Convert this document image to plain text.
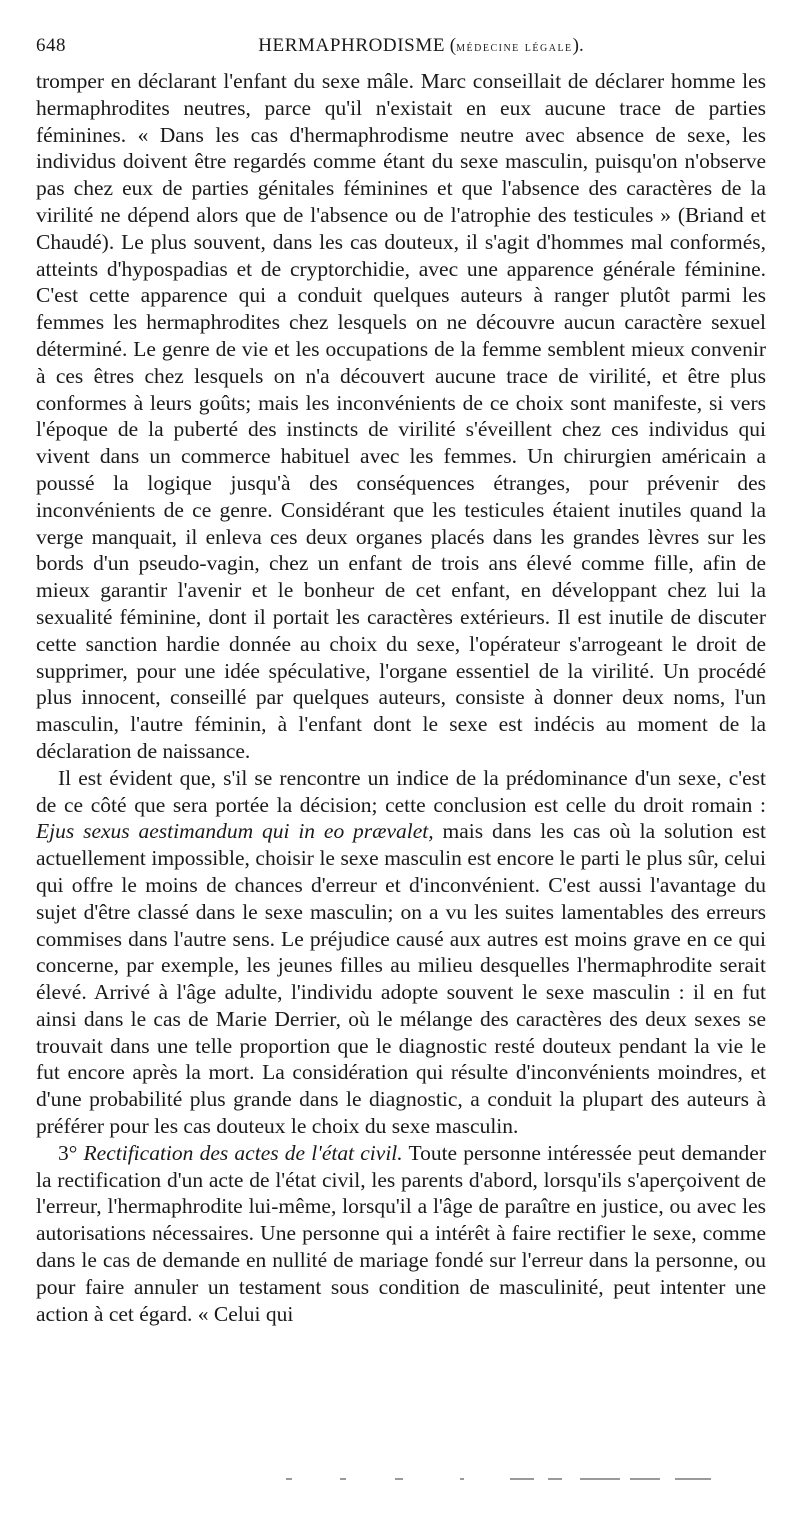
648	HERMAPHRODISME (médecine légale).

tromper en déclarant l'enfant du sexe mâle. Marc conseillait de déclarer homme les hermaphrodites neutres, parce qu'il n'existait en eux aucune trace de parties féminines. « Dans les cas d'hermaphrodisme neutre avec absence de sexe, les individus doivent être regardés comme étant du sexe masculin, puisqu'on n'observe pas chez eux de parties génitales féminines et que l'absence des caractères de la virilité ne dépend alors que de l'absence ou de l'atrophie des testicules » (Briand et Chaudé). Le plus souvent, dans les cas douteux, il s'agit d'hommes mal conformés, atteints d'hypospadias et de cryptorchidie, avec une apparence générale féminine. C'est cette apparence qui a conduit quelques auteurs à ranger plutôt parmi les femmes les hermaphrodites chez lesquels on ne découvre aucun caractère sexuel déterminé. Le genre de vie et les occupations de la femme semblent mieux convenir à ces êtres chez lesquels on n'a découvert aucune trace de virilité, et être plus conformes à leurs goûts; mais les inconvénients de ce choix sont manifeste, si vers l'époque de la puberté des instincts de virilité s'éveillent chez ces individus qui vivent dans un commerce habituel avec les femmes. Un chirurgien américain a poussé la logique jusqu'à des conséquences étranges, pour prévenir des inconvénients de ce genre. Considérant que les testicules étaient inutiles quand la verge manquait, il enleva ces deux organes placés dans les grandes lèvres sur les bords d'un pseudo-vagin, chez un enfant de trois ans élevé comme fille, afin de mieux garantir l'avenir et le bonheur de cet enfant, en développant chez lui la sexualité féminine, dont il portait les caractères extérieurs. Il est inutile de discuter cette sanction hardie donnée au choix du sexe, l'opérateur s'arrogeant le droit de supprimer, pour une idée spéculative, l'organe essentiel de la virilité. Un procédé plus innocent, conseillé par quelques auteurs, consiste à donner deux noms, l'un masculin, l'autre féminin, à l'enfant dont le sexe est indécis au moment de la déclaration de naissance.

Il est évident que, s'il se rencontre un indice de la prédominance d'un sexe, c'est de ce côté que sera portée la décision; cette conclusion est celle du droit romain : Ejus sexus aestimandum qui in eo prævalet, mais dans les cas où la solution est actuellement impossible, choisir le sexe masculin est encore le parti le plus sûr, celui qui offre le moins de chances d'erreur et d'inconvénient. C'est aussi l'avantage du sujet d'être classé dans le sexe masculin; on a vu les suites lamentables des erreurs commises dans l'autre sens. Le préjudice causé aux autres est moins grave en ce qui concerne, par exemple, les jeunes filles au milieu desquelles l'hermaphrodite serait élevé. Arrivé à l'âge adulte, l'individu adopte souvent le sexe masculin : il en fut ainsi dans le cas de Marie Derrier, où le mélange des caractères des deux sexes se trouvait dans une telle proportion que le diagnostic resté douteux pendant la vie le fut encore après la mort. La considération qui résulte d'inconvénients moindres, et d'une probabilité plus grande dans le diagnostic, a conduit la plupart des auteurs à préférer pour les cas douteux le choix du sexe masculin.

3° Rectification des actes de l'état civil. Toute personne intéressée peut demander la rectification d'un acte de l'état civil, les parents d'abord, lorsqu'ils s'aperçoivent de l'erreur, l'hermaphrodite lui-même, lorsqu'il a l'âge de paraître en justice, ou avec les autorisations nécessaires. Une personne qui a intérêt à faire rectifier le sexe, comme dans le cas de demande en nullité de mariage fondé sur l'erreur dans la personne, ou pour faire annuler un testament sous condition de masculinité, peut intenter une action à cet égard. « Celui qui
